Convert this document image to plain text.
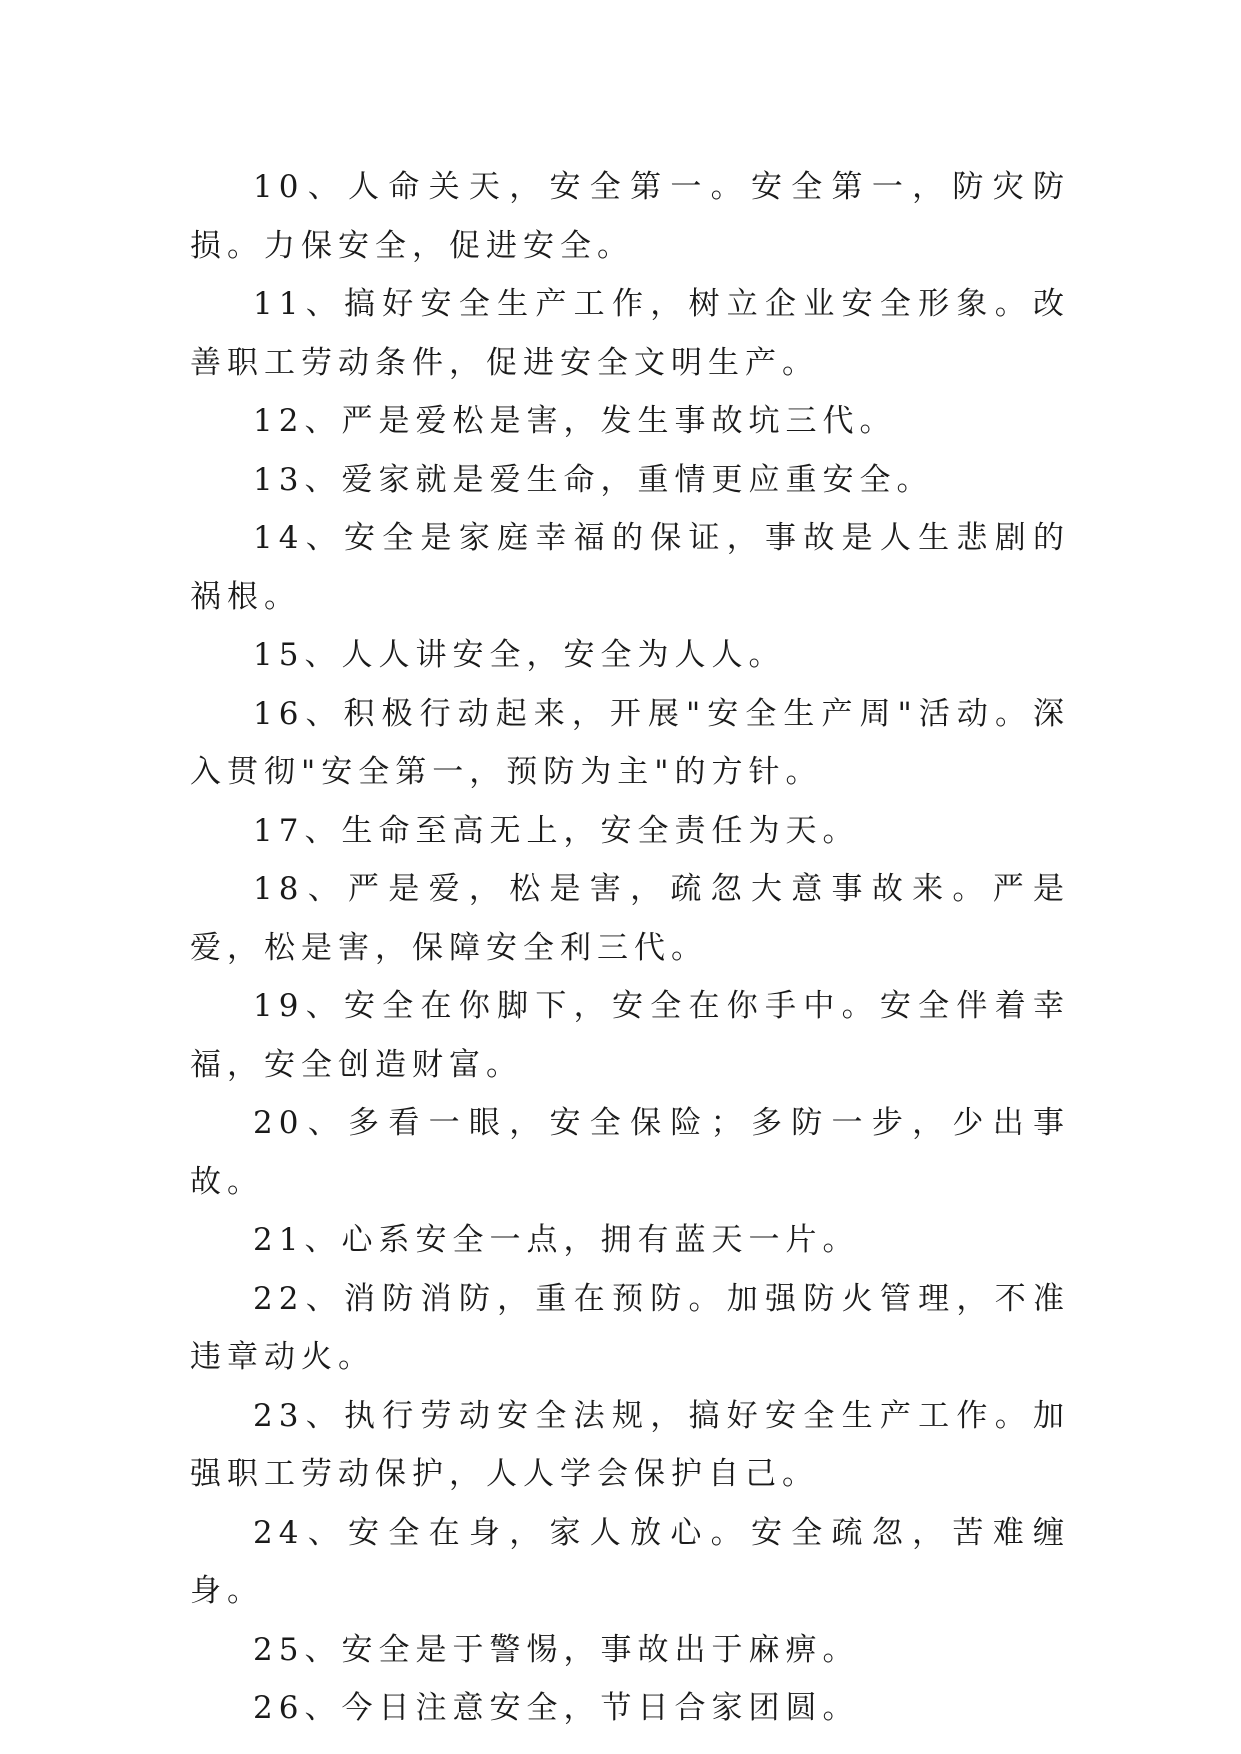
10、人命关天，安全第一。安全第一，防灾防损。力保安全，促进安全。

11、搞好安全生产工作，树立企业安全形象。改善职工劳动条件，促进安全文明生产。

12、严是爱松是害，发生事故坑三代。

13、爱家就是爱生命，重情更应重安全。

14、安全是家庭幸福的保证，事故是人生悲剧的祸根。

15、人人讲安全，安全为人人。

16、积极行动起来，开展"安全生产周"活动。深入贯彻"安全第一，预防为主"的方针。

17、生命至高无上，安全责任为天。

18、严是爱，松是害，疏忽大意事故来。严是爱，松是害，保障安全利三代。

19、安全在你脚下，安全在你手中。安全伴着幸福，安全创造财富。

20、多看一眼，安全保险；多防一步，少出事故。

21、心系安全一点，拥有蓝天一片。

22、消防消防，重在预防。加强防火管理，不准违章动火。

23、执行劳动安全法规，搞好安全生产工作。加强职工劳动保护，人人学会保护自己。

24、安全在身，家人放心。安全疏忽，苦难缠身。

25、安全是于警惕，事故出于麻痹。

26、今日注意安全，节日合家团圆。
